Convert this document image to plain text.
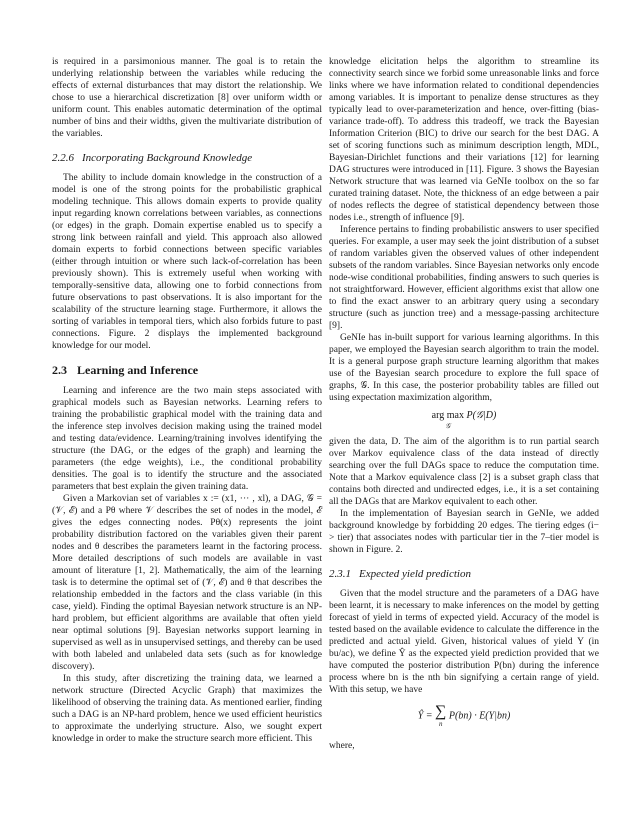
is required in a parsimonious manner. The goal is to retain the underlying relationship between the variables while reducing the effects of external disturbances that may distort the relationship. We chose to use a hierarchical discretization [8] over uniform width or uniform count. This enables automatic determination of the optimal number of bins and their widths, given the multivariate distribution of the variables.

2.2.6 Incorporating Background Knowledge

The ability to include domain knowledge in the construction of a model is one of the strong points for the probabilistic graphical modeling technique. This allows domain experts to provide quality input regarding known correlations between variables, as connections (or edges) in the graph. Domain expertise enabled us to specify a strong link between rainfall and yield. This approach also allowed domain experts to forbid connections between specific variables (either through intuition or where such lack-of-correlation has been previously shown). This is extremely useful when working with temporally-sensitive data, allowing one to forbid connections from future observations to past observations. It is also important for the scalability of the structure learning stage. Furthermore, it allows the sorting of variables in temporal tiers, which also forbids future to past connections. Figure. 2 displays the implemented background knowledge for our model.

2.3 Learning and Inference

Learning and inference are the two main steps associated with graphical models such as Bayesian networks. Learning refers to training the probabilistic graphical model with the training data and the inference step involves decision making using the trained model and testing data/evidence. Learning/training involves identifying the structure (the DAG, or the edges of the graph) and learning the parameters (the edge weights), i.e., the conditional probability densities. The goal is to identify the structure and the associated parameters that best explain the given training data.

Given a Markovian set of variables x := (x1, ··· , xl), a DAG, 𝒢 = (𝒱, ℰ) and a Pθ where 𝒱 describes the set of nodes in the model, ℰ gives the edges connecting nodes. Pθ(x) represents the joint probability distribution factored on the variables given their parent nodes and θ describes the parameters learnt in the factoring process. More detailed descriptions of such models are available in vast amount of literature [1, 2]. Mathematically, the aim of the learning task is to determine the optimal set of (𝒱, ℰ) and θ that describes the relationship embedded in the factors and the class variable (in this case, yield). Finding the optimal Bayesian network structure is an NP-hard problem, but efficient algorithms are available that often yield near optimal solutions [9]. Bayesian networks support learning in supervised as well as in unsupervised settings, and thereby can be used with both labeled and unlabeled data sets (such as for knowledge discovery).

In this study, after discretizing the training data, we learned a network structure (Directed Acyclic Graph) that maximizes the likelihood of observing the training data. As mentioned earlier, finding such a DAG is an NP-hard problem, hence we used efficient heuristics to approximate the underlying structure. Also, we sought expert knowledge in order to make the structure search more efficient. This

knowledge elicitation helps the algorithm to streamline its connectivity search since we forbid some unreasonable links and force links where we have information related to conditional dependencies among variables. It is important to penalize dense structures as they typically lead to over-parameterization and hence, over-fitting (bias-variance trade-off). To address this tradeoff, we track the Bayesian Information Criterion (BIC) to drive our search for the best DAG. A set of scoring functions such as minimum description length, MDL, Bayesian-Dirichlet functions and their variations [12] for learning DAG structures were introduced in [11]. Figure. 3 shows the Bayesian Network structure that was learned via GeNIe toolbox on the so far curated training dataset. Note, the thickness of an edge between a pair of nodes reflects the degree of statistical dependency between those nodes i.e., strength of influence [9].

Inference pertains to finding probabilistic answers to user specified queries. For example, a user may seek the joint distribution of a subset of random variables given the observed values of other independent subsets of the random variables. Since Bayesian networks only encode node-wise conditional probabilities, finding answers to such queries is not straightforward. However, efficient algorithms exist that allow one to find the exact answer to an arbitrary query using a secondary structure (such as junction tree) and a message-passing architecture [9].

GeNIe has in-built support for various learning algorithms. In this paper, we employed the Bayesian search algorithm to train the model. It is a general purpose graph structure learning algorithm that makes use of the Bayesian search procedure to explore the full space of graphs, 𝒢. In this case, the posterior probability tables are filled out using expectation maximization algorithm,

arg max
𝒢
P(𝒢|D)

given the data, D. The aim of the algorithm is to run partial search over Markov equivalence class of the data instead of directly searching over the full DAGs space to reduce the computation time. Note that a Markov equivalence class [2] is a subset graph class that contains both directed and undirected edges, i.e., it is a set containing all the DAGs that are Markov equivalent to each other.

In the implementation of Bayesian search in GeNIe, we added background knowledge by forbidding 20 edges. The tiering edges (i− > tier) that associates nodes with particular tier in the 7–tier model is shown in Figure. 2.

2.3.1 Expected yield prediction

Given that the model structure and the parameters of a DAG have been learnt, it is necessary to make inferences on the model by getting forecast of yield in terms of expected yield. Accuracy of the model is tested based on the available evidence to calculate the difference in the predicted and actual yield. Given, historical values of yield Y (in bu/ac), we define Ŷ as the expected yield prediction provided that we have computed the posterior distribution P(bn) during the inference process where bn is the nth bin signifying a certain range of yield. With this setup, we have

Ŷ = ∑
n
P(bn) · E(Y|bn)

where,
